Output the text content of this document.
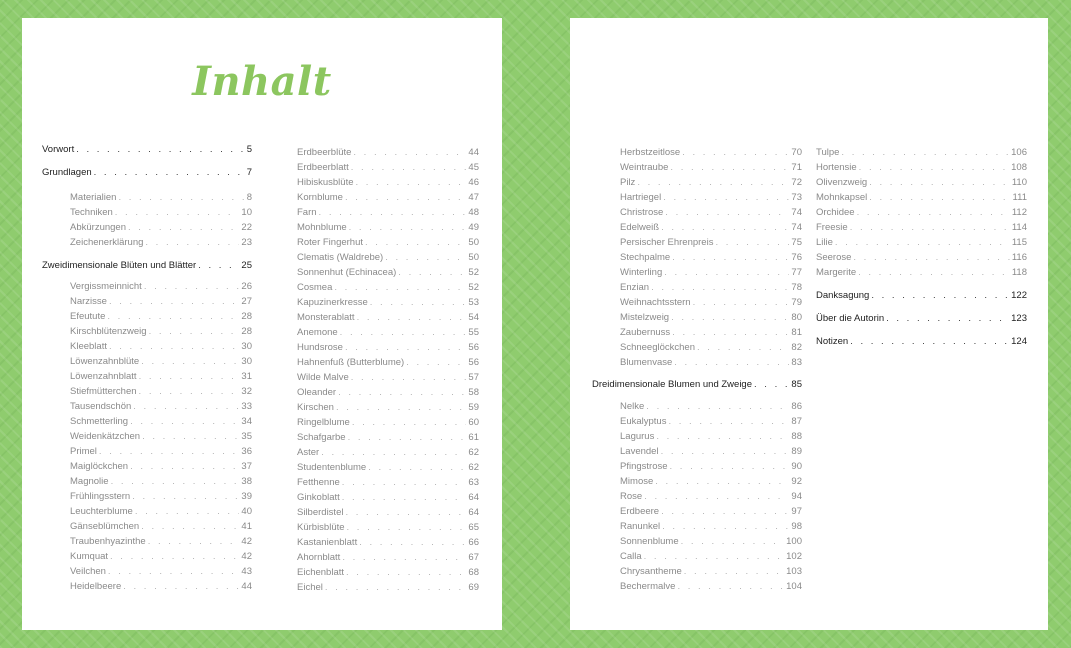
Inhalt
Vorwort . . .	5
Grundlagen . . .	7
Materialien . . .	8
Techniken . . .	10
Abkürzungen . . .	22
Zeichenerklärung . . .	23
Zweidimensionale Blüten und Blätter . . .	25
Vergissmeinnicht . . .	26
Narzisse . . .	27
Efeutute . . .	28
Kirschblütenzweig . . .	28
Kleeblatt . . .	30
Löwenzahnblüte . . .	30
Löwenzahnblatt . . .	31
Stiefmütterchen . . .	32
Tausendschön . . .	33
Schmetterling . . .	34
Weidenkätzchen . . .	35
Primel . . .	36
Maiglöckchen . . .	37
Magnolie . . .	38
Frühlingsstern . . .	39
Leuchterblume . . .	40
Gänseblümchen . . .	41
Traubenhyazinthe . . .	42
Kumquat . . .	42
Veilchen . . .	43
Heidelbeere . . .	44
Erdbeerblüte . . .	44
Erdbeerblatt . . .	45
Hibiskusblüte . . .	46
Kornblume . . .	47
Farn . . .	48
Mohnblume . . .	49
Roter Fingerhut . . .	50
Clematis (Waldrebe) . . .	50
Sonnenhut (Echinacea) . . .	52
Cosmea . . .	52
Kapuzinerkresse . . .	53
Monsterablatt . . .	54
Anemone . . .	55
Hundsrose . . .	56
Hahnenfuß (Butterblume) . . .	56
Wilde Malve . . .	57
Oleander . . .	58
Kirschen . . .	59
Ringelblume . . .	60
Schafgarbe . . .	61
Aster . . .	62
Studentenblume . . .	62
Fetthenne . . .	63
Ginkoblatt . . .	64
Silberdistel . . .	64
Kürbisblüte . . .	65
Kastanienblatt . . .	66
Ahornblatt . . .	67
Eichenblatt . . .	68
Eichel . . .	69
Herbstzeitlose . . .	70
Weintraube . . .	71
Pilz . . .	72
Hartriegel . . .	73
Christrose . . .	74
Edelweiß . . .	74
Persischer Ehrenpreis . . .	75
Stechpalme . . .	76
Winterling . . .	77
Enzian . . .	78
Weihnachtsstern . . .	79
Mistelzweig . . .	80
Zaubernuss . . .	81
Schneeglöckchen . . .	82
Blumenvase . . .	83
Dreidimensionale Blumen und Zweige . . .	85
Nelke . . .	86
Eukalyptus . . .	87
Lagurus . . .	88
Lavendel . . .	89
Pfingstrose . . .	90
Mimose . . .	92
Rose . . .	94
Erdbeere . . .	97
Ranunkel . . .	98
Sonnenblume . . .	100
Calla . . .	102
Chrysantheme . . .	103
Bechermalve . . .	104
Tulpe . . .	106
Hortensie . . .	108
Olivenzweig . . .	110
Mohnkapsel . . .	111
Orchidee . . .	112
Freesie . . .	114
Lilie . . .	115
Seerose . . .	116
Margerite . . .	118
Danksagung . . .	122
Über die Autorin . . .	123
Notizen . . .	124
